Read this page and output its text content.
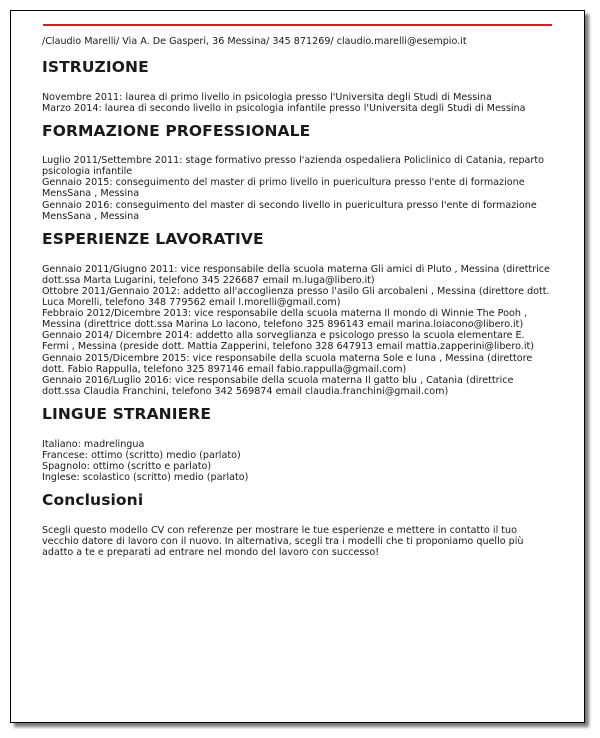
/Claudio Marelli/ Via A. De Gasperi, 36 Messina/ 345 871269/ claudio.marelli@esempio.it

ISTRUZIONE

Novembre 2011: laurea di primo livello in psicologia presso l'Universita degli Studi di Messina

Marzo 2014: laurea di secondo livello in psicologia infantile presso l'Universita degli Studi di Messina

FORMAZIONE PROFESSIONALE

Luglio 2011/Settembre 2011: stage formativo presso l'azienda ospedaliera Policlinico di Catania, reparto psicologia infantile

Gennaio 2015: conseguimento del master di primo livello in puericultura presso l'ente di formazione MensSana , Messina

Gennaio 2016: conseguimento del master di secondo livello in puericultura presso l'ente di formazione MensSana , Messina

ESPERIENZE LAVORATIVE

Gennaio 2011/Giugno 2011: vice responsabile della scuola materna Gli amici di Pluto , Messina (direttrice dott.ssa Marta Lugarini, telefono 345 226687 email m.luga@libero.it)

Ottobre 2011/Gennaio 2012: addetto all'accoglienza presso l'asilo Gli arcobaleni , Messina (direttore dott. Luca Morelli, telefono 348 779562 email l.morelli@gmail.com)

Febbraio 2012/Dicembre 2013: vice responsabile della scuola materna Il mondo di Winnie The Pooh , Messina (direttrice dott.ssa Marina Lo Iacono, telefono 325 896143 email marina.loiacono@libero.it)

Gennaio 2014/ Dicembre 2014: addetto alla sorveglianza e psicologo presso la scuola elementare E. Fermi , Messina (preside dott. Mattia Zapperini, telefono 328 647913 email mattia.zapperini@libero.it)

Gennaio 2015/Dicembre 2015: vice responsabile della scuola materna Sole e luna , Messina (direttore dott. Fabio Rappulla, telefono 325 897146 email fabio.rappulla@gmail.com)

Gennaio 2016/Luglio 2016: vice responsabile della scuola materna Il gatto blu , Catania (direttrice dott.ssa Claudia Franchini, telefono 342 569874 email claudia.franchini@gmail.com)

LINGUE STRANIERE

Italiano: madrelingua

Francese: ottimo (scritto) medio (parlato)

Spagnolo: ottimo (scritto e parlato)

Inglese: scolastico (scritto) medio (parlato)

Conclusioni

Scegli questo modello CV con referenze per mostrare le tue esperienze e mettere in contatto il tuo vecchio datore di lavoro con il nuovo. In alternativa, scegli tra i modelli che ti proponiamo quello più adatto a te e preparati ad entrare nel mondo del lavoro con successo!
